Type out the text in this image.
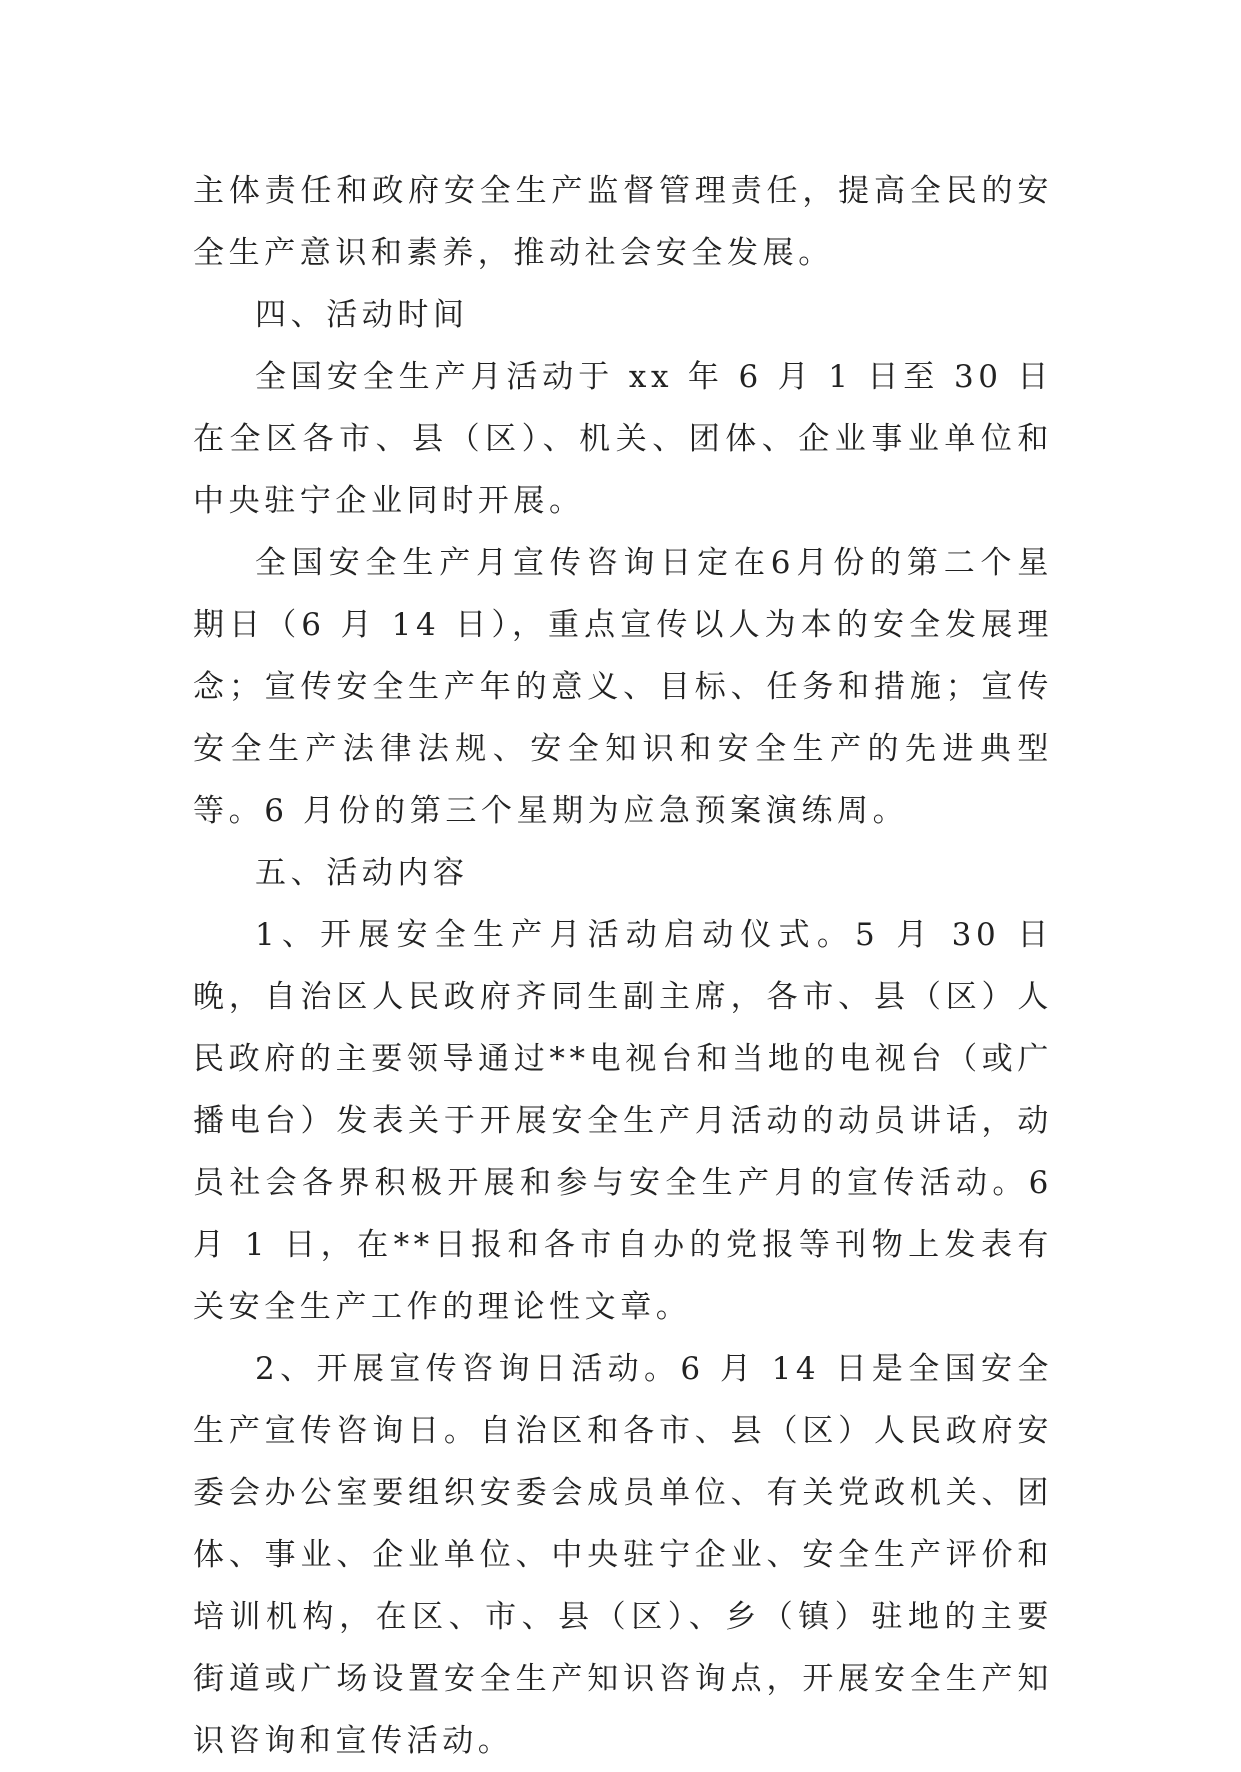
主体责任和政府安全生产监督管理责任，提高全民的安全生产意识和素养，推动社会安全发展。

四、活动时间

全国安全生产月活动于 xx 年 6 月 1 日至 30 日在全区各市、县（区）、机关、团体、企业事业单位和中央驻宁企业同时开展。

全国安全生产月宣传咨询日定在6月份的第二个星期日（6 月 14 日），重点宣传以人为本的安全发展理念；宣传安全生产年的意义、目标、任务和措施；宣传安全生产法律法规、安全知识和安全生产的先进典型等。6 月份的第三个星期为应急预案演练周。

五、活动内容

1、开展安全生产月活动启动仪式。5 月 30 日晚，自治区人民政府齐同生副主席，各市、县（区）人民政府的主要领导通过**电视台和当地的电视台（或广播电台）发表关于开展安全生产月活动的动员讲话，动员社会各界积极开展和参与安全生产月的宣传活动。6 月 1 日，在**日报和各市自办的党报等刊物上发表有关安全生产工作的理论性文章。

2、开展宣传咨询日活动。6 月 14 日是全国安全生产宣传咨询日。自治区和各市、县（区）人民政府安委会办公室要组织安委会成员单位、有关党政机关、团体、事业、企业单位、中央驻宁企业、安全生产评价和培训机构，在区、市、县（区）、乡（镇）驻地的主要街道或广场设置安全生产知识咨询点，开展安全生产知识咨询和宣传活动。
